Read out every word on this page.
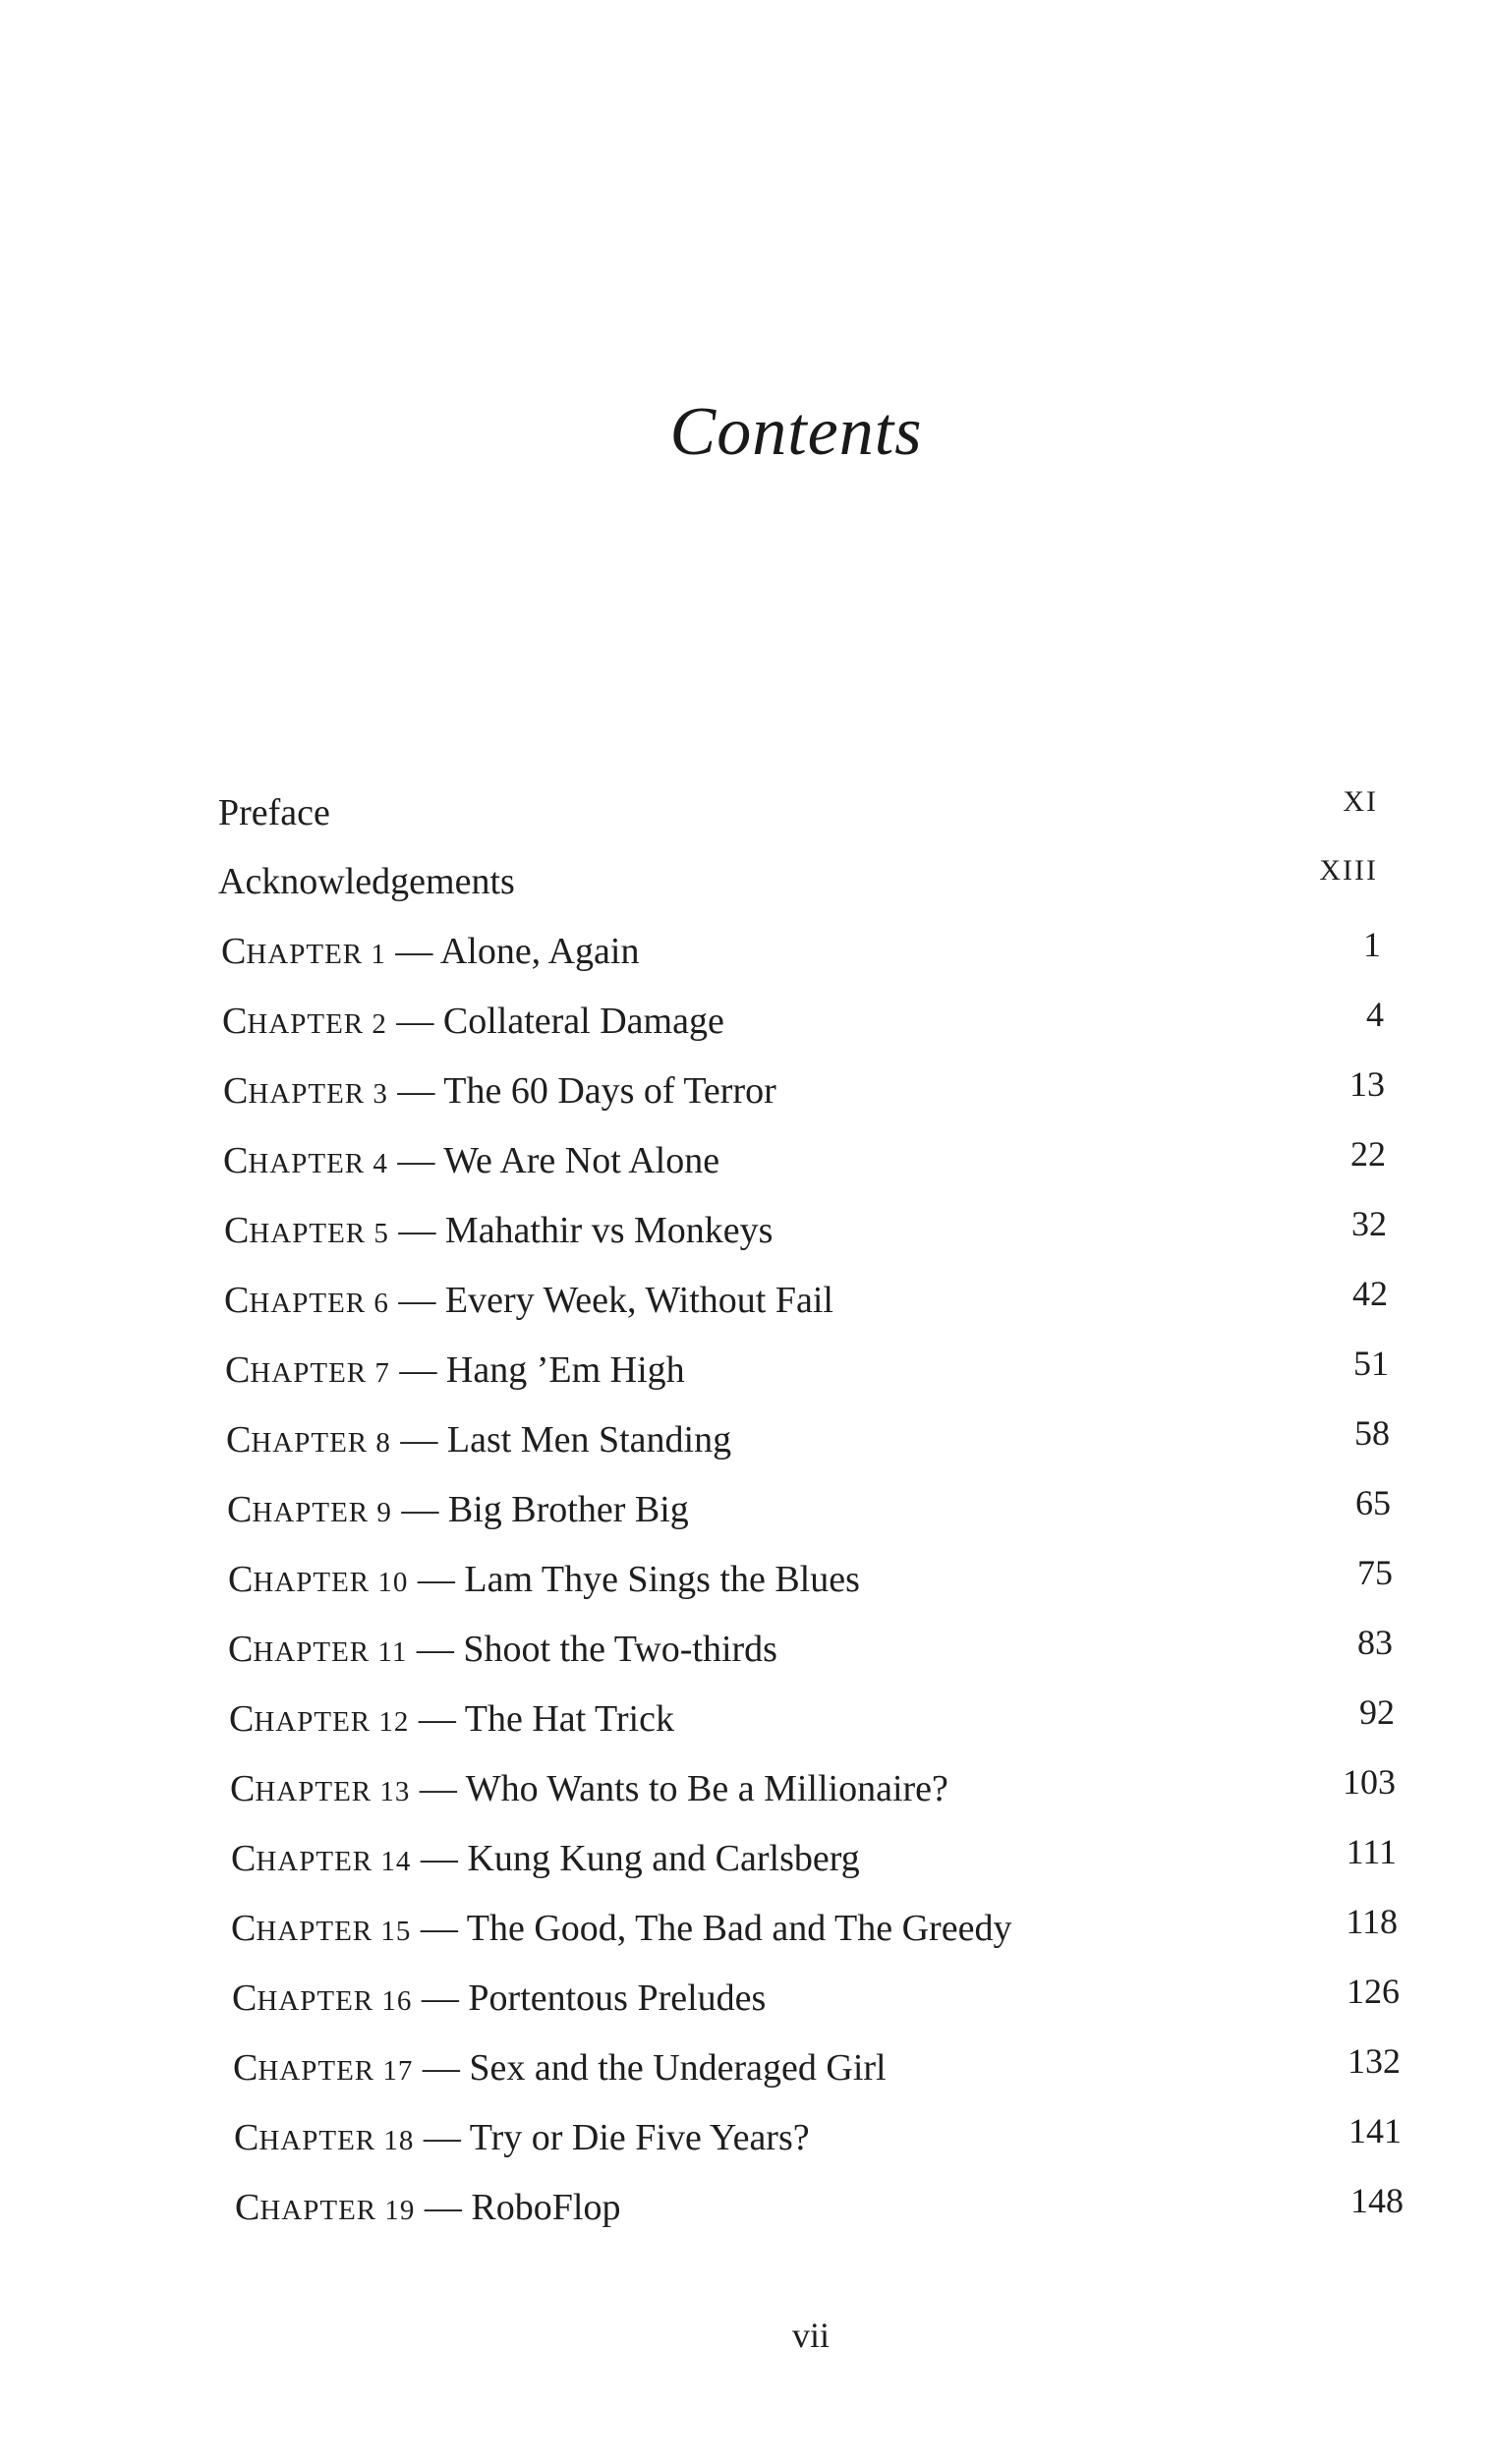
Contents
Preface	XI
Acknowledgements	XIII
CHAPTER 1 — Alone, Again	1
CHAPTER 2 — Collateral Damage	4
CHAPTER 3 — The 60 Days of Terror	13
CHAPTER 4 — We Are Not Alone	22
CHAPTER 5 — Mahathir vs Monkeys	32
CHAPTER 6 — Every Week, Without Fail	42
CHAPTER 7 — Hang ’Em High	51
CHAPTER 8 — Last Men Standing	58
CHAPTER 9 — Big Brother Big	65
CHAPTER 10 — Lam Thye Sings the Blues	75
CHAPTER 11 — Shoot the Two-thirds	83
CHAPTER 12 — The Hat Trick	92
CHAPTER 13 — Who Wants to Be a Millionaire?	103
CHAPTER 14 — Kung Kung and Carlsberg	111
CHAPTER 15 — The Good, The Bad and The Greedy	118
CHAPTER 16 — Portentous Preludes	126
CHAPTER 17 — Sex and the Underaged Girl	132
CHAPTER 18 — Try or Die Five Years?	141
CHAPTER 19 — RoboFlop	148
vii
